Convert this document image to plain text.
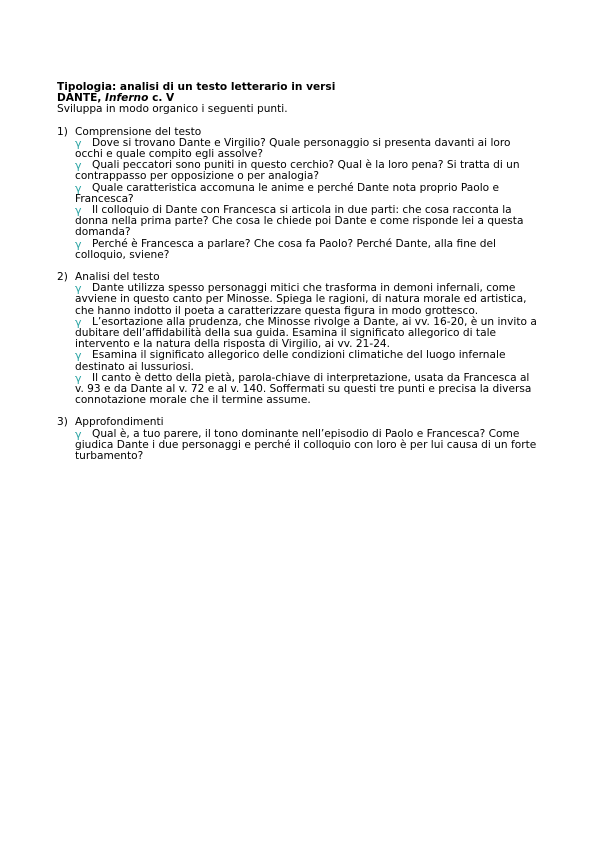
Tipologia: analisi di un testo letterario in versi
DANTE, Inferno c. V
Sviluppa in modo organico i seguenti punti.
1) Comprensione del testo
γ Dove si trovano Dante e Virgilio? Quale personaggio si presenta davanti ai loro occhi e quale compito egli assolve?
γ Quali peccatori sono puniti in questo cerchio? Qual è la loro pena? Si tratta di un contrappasso per opposizione o per analogia?
γ Quale caratteristica accomuna le anime e perché Dante nota proprio Paolo e Francesca?
γ Il colloquio di Dante con Francesca si articola in due parti: che cosa racconta la donna nella prima parte? Che cosa le chiede poi Dante e come risponde lei a questa domanda?
γ Perché è Francesca a parlare? Che cosa fa Paolo? Perché Dante, alla fine del colloquio, sviene?
2) Analisi del testo
γ Dante utilizza spesso personaggi mitici che trasforma in demoni infernali, come avviene in questo canto per Minosse. Spiega le ragioni, di natura morale ed artistica, che hanno indotto il poeta a caratterizzare questa figura in modo grottesco.
γ L’esortazione alla prudenza, che Minosse rivolge a Dante, ai vv. 16-20, è un invito a dubitare dell’affidabilità della sua guida. Esamina il significato allegorico di tale intervento e la natura della risposta di Virgilio, ai vv. 21-24.
γ Esamina il significato allegorico delle condizioni climatiche del luogo infernale destinato ai lussuriosi.
γ Il canto è detto della pietà, parola-chiave di interpretazione, usata da Francesca al v. 93 e da Dante al v. 72 e al v. 140. Soffermati su questi tre punti e precisa la diversa connotazione morale che il termine assume.
3) Approfondimenti
γ Qual è, a tuo parere, il tono dominante nell’episodio di Paolo e Francesca? Come giudica Dante i due personaggi e perché il colloquio con loro è per lui causa di un forte turbamento?
